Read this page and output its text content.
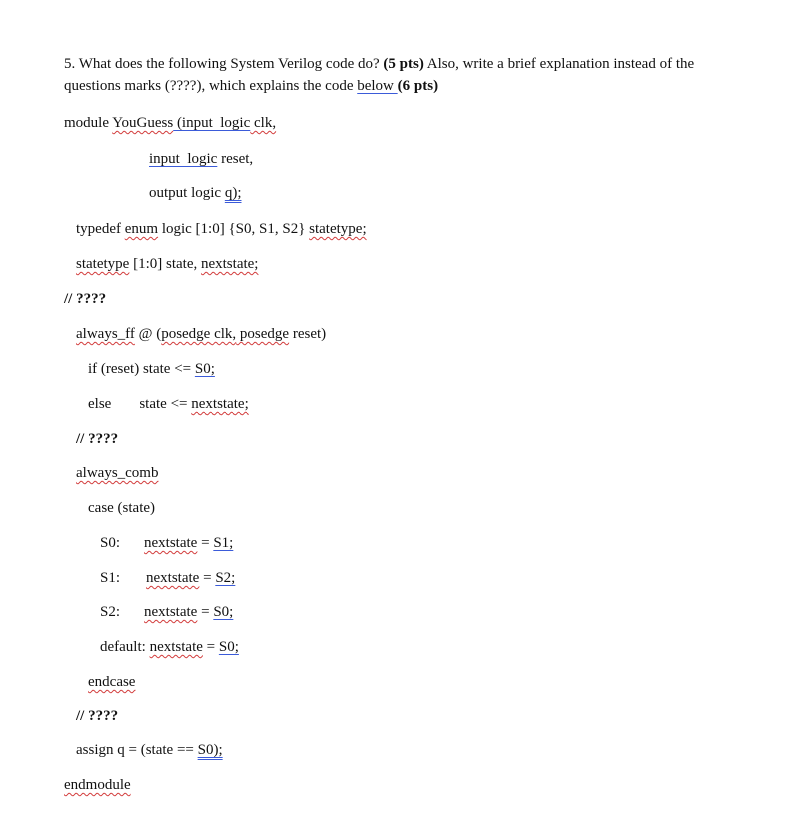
5. What does the following System Verilog code do? (5 pts) Also, write a brief explanation instead of the
questions marks (????), which explains the code below (6 pts)
module YouGuess (input  logic clk,
input  logic reset,
output logic q);
typedef enum logic [1:0] {S0, S1, S2} statetype;
statetype [1:0] state, nextstate;
// ????
always_ff @ (posedge clk, posedge reset)
if (reset) state <= S0;
else state <= nextstate;
// ????
always_comb
case (state)
S0: nextstate = S1;
S1: nextstate = S2;
S2: nextstate = S0;
default: nextstate = S0;
endcase
// ????
assign q = (state == S0);
endmodule
